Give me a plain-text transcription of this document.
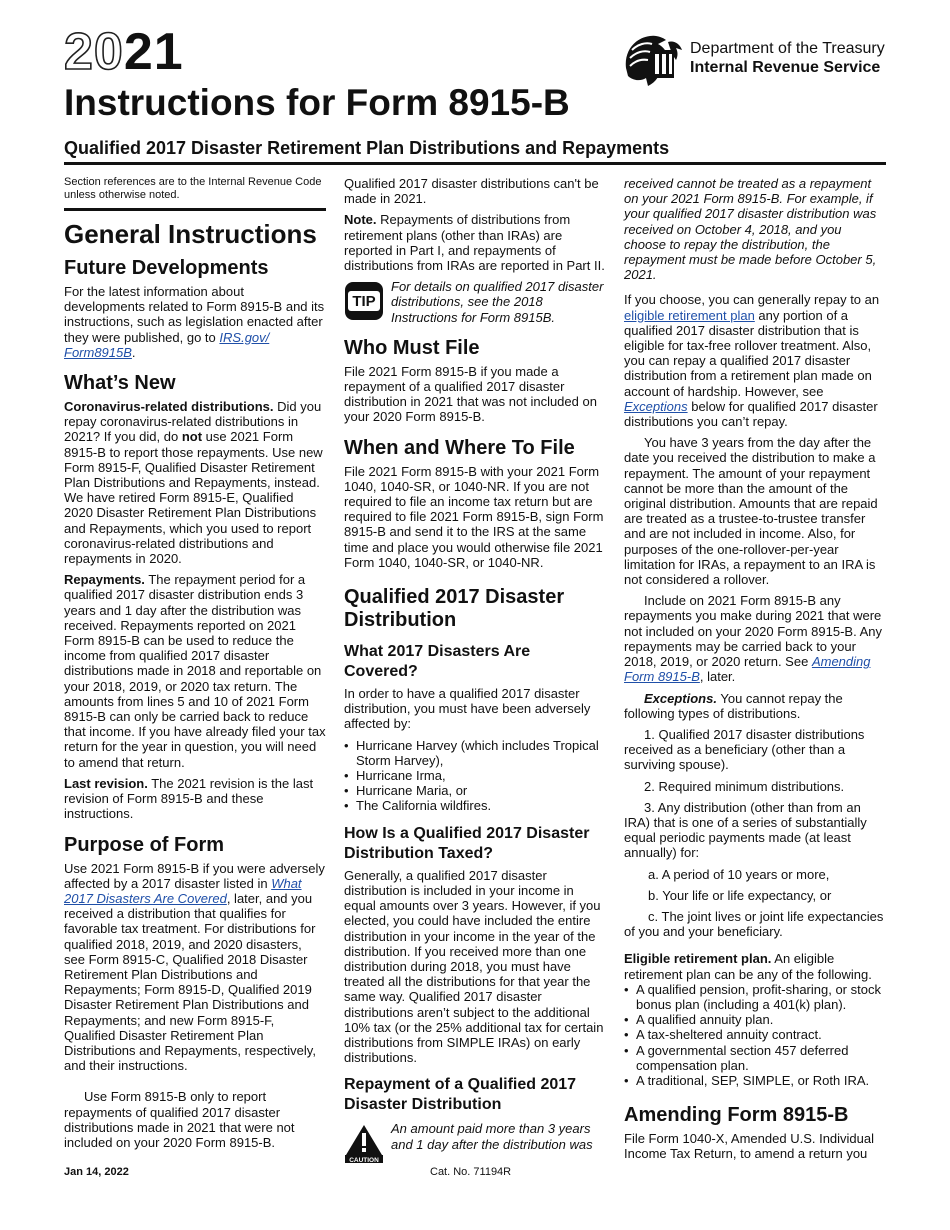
2021	Department of the Treasury
Internal Revenue Service
Instructions for Form 8915-B
Qualified 2017 Disaster Retirement Plan Distributions and Repayments

Section references are to the Internal Revenue Code unless otherwise noted.

General Instructions
Future Developments

For the latest information about developments related to Form 8915-B and its instructions, such as legislation enacted after they were published, go to IRS.gov/ Form8915B.

What’s New

Coronavirus-related distributions. Did you repay coronavirus-related distributions in 2021? If you did, do not use 2021 Form 8915-B to report those repayments. Use new Form 8915-F, Qualified Disaster Retirement Plan Distributions and Repayments, instead. We have retired Form 8915-E, Qualified 2020 Disaster Retirement Plan Distributions and Repayments, which you used to report coronavirus-related distributions and repayments in 2020.

Repayments. The repayment period for a qualified 2017 disaster distribution ends 3 years and 1 day after the distribution was received. Repayments reported on 2021 Form 8915-B can be used to reduce the income from qualified 2017 disaster distributions made in 2018 and reportable on your 2018, 2019, or 2020 tax return. The amounts from lines 5 and 10 of 2021 Form 8915-B can only be carried back to reduce that income. If you have already filed your tax return for the year in question, you will need to amend that return.

Last revision. The 2021 revision is the last revision of Form 8915-B and these instructions.

Purpose of Form

Use 2021 Form 8915-B if you were adversely affected by a 2017 disaster listed in What 2017 Disasters Are Covered, later, and you received a distribution that qualifies for favorable tax treatment. For distributions for qualified 2018, 2019, and 2020 disasters, see Form 8915-C, Qualified 2018 Disaster Retirement Plan Distributions and Repayments; Form 8915-D, Qualified 2019 Disaster Retirement Plan Distributions and Repayments; and new Form 8915-F, Qualified Disaster Retirement Plan Distributions and Repayments, respectively, and their instructions.

Use Form 8915-B only to report repayments of qualified 2017 disaster distributions made in 2021 that were not included on your 2020 Form 8915-B.

Qualified 2017 disaster distributions can't be made in 2021.

Note. Repayments of distributions from retirement plans (other than IRAs) are reported in Part I, and repayments of distributions from IRAs are reported in Part II.

TIP
For details on qualified 2017 disaster distributions, see the 2018 Instructions for Form 8915B.
Who Must File

File 2021 Form 8915-B if you made a repayment of a qualified 2017 disaster distribution in 2021 that was not included on your 2020 Form 8915-B.

When and Where To File

File 2021 Form 8915-B with your 2021 Form 1040, 1040-SR, or 1040-NR. If you are not required to file an income tax return but are required to file 2021 Form 8915-B, sign Form 8915-B and send it to the IRS at the same time and place you would otherwise file 2021 Form 1040, 1040-SR, or 1040-NR.

Qualified 2017 Disaster Distribution
What 2017 Disasters Are Covered?

In order to have a qualified 2017 disaster distribution, you must have been adversely affected by:

• Hurricane Harvey (which includes Tropical Storm Harvey),
• Hurricane Irma,
• Hurricane Maria, or
• The California wildfires.
How Is a Qualified 2017 Disaster Distribution Taxed?

Generally, a qualified 2017 disaster distribution is included in your income in equal amounts over 3 years. However, if you elected, you could have included the entire distribution in your income in the year of the distribution. If you received more than one distribution during 2018, you must have treated all the distributions for that year the same way. Qualified 2017 disaster distributions aren’t subject to the additional 10% tax (or the 25% additional tax for certain distributions from SIMPLE IRAs) on early distributions.

Repayment of a Qualified 2017 Disaster Distribution
CAUTION
An amount paid more than 3 years and 1 day after the distribution was

received cannot be treated as a repayment on your 2021 Form 8915-B. For example, if your qualified 2017 disaster distribution was received on October 4, 2018, and you choose to repay the distribution, the repayment must be made before October 5, 2021.

If you choose, you can generally repay to an eligible retirement plan any portion of a qualified 2017 disaster distribution that is eligible for tax-free rollover treatment. Also, you can repay a qualified 2017 disaster distribution from a retirement plan made on account of hardship. However, see Exceptions below for qualified 2017 disaster distributions you can’t repay.

You have 3 years from the day after the date you received the distribution to make a repayment. The amount of your repayment cannot be more than the amount of the original distribution. Amounts that are repaid are treated as a trustee-to-trustee transfer and are not included in income. Also, for purposes of the one-rollover-per-year limitation for IRAs, a repayment to an IRA is not considered a rollover.

Include on 2021 Form 8915-B any repayments you make during 2021 that were not included on your 2020 Form 8915-B. Any repayments may be carried back to your 2018, 2019, or 2020 return. See Amending Form 8915-B, later.

Exceptions. You cannot repay the following types of distributions.

1. Qualified 2017 disaster distributions received as a beneficiary (other than a surviving spouse).

2. Required minimum distributions.

3. Any distribution (other than from an IRA) that is one of a series of substantially equal periodic payments made (at least annually) for:

a. A period of 10 years or more,

b. Your life or life expectancy, or

c. The joint lives or joint life expectancies of you and your beneficiary.

Eligible retirement plan. An eligible retirement plan can be any of the following.

• A qualified pension, profit-sharing, or stock bonus plan (including a 401(k) plan).
• A qualified annuity plan.
• A tax-sheltered annuity contract.
• A governmental section 457 deferred compensation plan.
• A traditional, SEP, SIMPLE, or Roth IRA.
Amending Form 8915-B

File Form 1040-X, Amended U.S. Individual Income Tax Return, to amend a return you

Jan 14, 2022	Cat. No. 71194R
